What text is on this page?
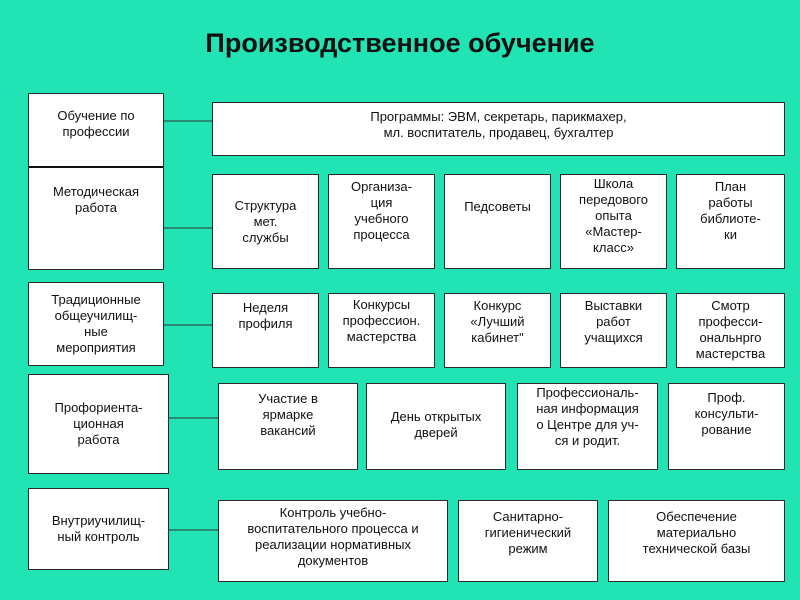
Производственное обучение
Обучение по
профессии
Методическая
работа
Традиционные
общеучилищ-
ные
мероприятия
Профориента-
ционная
работа
Внутриучилищ-
ный контроль
Программы: ЭВМ, секретарь, парикмахер,
мл. воспитатель, продавец, бухгалтер
Структура
мет.
службы
Организа-
ция
учебного
процесса
Педсоветы
Школа
передового
опыта
«Мастер-
класс»
План
работы
библиоте-
ки
Неделя
профиля
Конкурсы
профессион.
мастерства
Конкурс
«Лучший
кабинет"
Выставки
работ
учащихся
Смотр
професси-
ональнрго
мастерства
Участие в
ярмарке
вакансий
День открытых
дверей
Профессиональ-
ная информация
о Центре для уч-
ся и родит.
Проф.
консульти-
рование
Контроль учебно-
воспитательного процесса и
реализации нормативных
документов
Санитарно-
гигиенический
режим
Обеспечение
материально
технической базы
